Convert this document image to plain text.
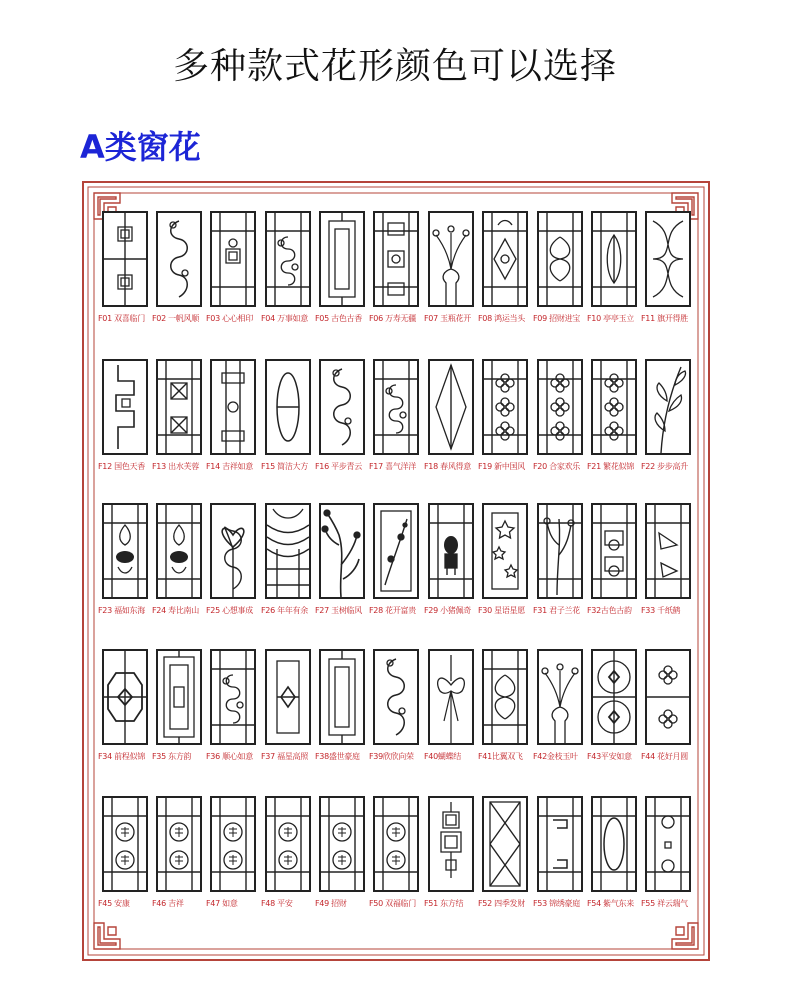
多种款式花形颜色可以选择
A类窗花
F01 双喜临门 F02 一帆风顺 F03 心心相印	F04 万事如意 F05 古色古香 F06 万寿无疆	F07 玉瓶花开 F08 鸿运当头	F09 招财进宝 F10 亭亭玉立 F11 旗开得胜
F12 国色天香 F13 出水芙蓉 F14 吉祥如意	F15 简洁大方 F16 平步青云 F17 喜气洋洋	F18 春风得意 F19 新中国风	F20 合家欢乐 F21 繁花似锦 F22 步步高升
F23 福如东海 F24 寿比南山 F25 心想事成	F26 年年有余 F27 玉树临风 F28 花开富贵	F29 小猪佩奇 F30 星语星愿	F31 君子兰花 F32古色古韵	F33 千纸鹤
F34 前程似锦 F35 东方韵	F36 顺心如意	F37 福星高照 F38盛世豪庭	F39欣欣向荣	F40蝴蝶结	F41比翼双飞	F42金枝玉叶	F43平安如意	F44 花好月圆
F45 安康	F46 吉祥	F47 如意	F48 平安	F49 招财	F50 双福临门	F51 东方结	F52 四季发财	F53 锦绣豪庭 F54 紫气东来 F55 祥云瑞气
